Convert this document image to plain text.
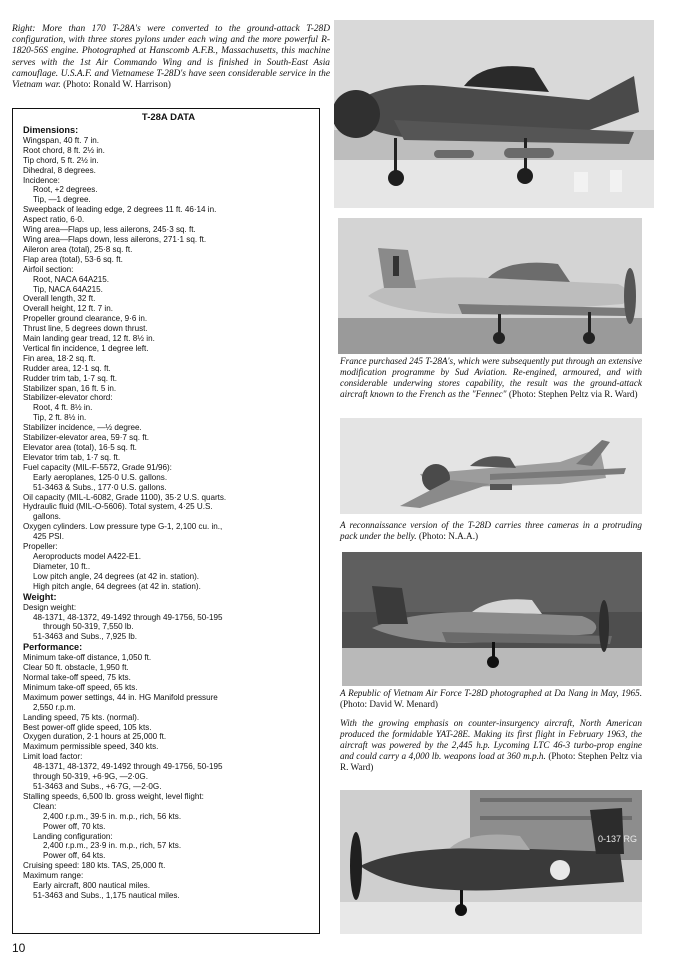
Right: More than 170 T-28A's were converted to the ground-attack T-28D configuration, with three stores pylons under each wing and the more powerful R-1820-56S engine. Photographed at Hanscomb A.F.B., Massachusetts, this machine serves with the 1st Air Commando Wing and is finished in South-East Asia camouflage. U.S.A.F. and Vietnamese T-28D's have seen considerable service in the Vietnam war. (Photo: Ronald W. Harrison)
T-28A DATA
Dimensions:
Wingspan, 40 ft. 7 in.
Root chord, 8 ft. 2½ in.
Tip chord, 5 ft. 2½ in.
Dihedral, 8 degrees.
Incidence:
Root, +2 degrees.
Tip, —1 degree.
Sweepback of leading edge, 2 degrees 11 ft. 46·14 in.
Aspect ratio, 6·0.
Wing area—Flaps up, less ailerons, 245·3 sq. ft.
Wing area—Flaps down, less ailerons, 271·1 sq. ft.
Aileron area (total), 25·8 sq. ft.
Flap area (total), 53·6 sq. ft.
Airfoil section:
Root, NACA 64A215.
Tip, NACA 64A215.
Overall length, 32 ft.
Overall height, 12 ft. 7 in.
Propeller ground clearance, 9·6 in.
Thrust line, 5 degrees down thrust.
Main landing gear tread, 12 ft. 8½ in.
Vertical fin incidence, 1 degree left.
Fin area, 18·2 sq. ft.
Rudder area, 12·1 sq. ft.
Rudder trim tab, 1·7 sq. ft.
Stabilizer span, 16 ft. 5 in.
Stabilizer-elevator chord:
Root, 4 ft. 8½ in.
Tip, 2 ft. 8½ in.
Stabilizer incidence, —½ degree.
Stabilizer-elevator area, 59·7 sq. ft.
Elevator area (total), 16·5 sq. ft.
Elevator trim tab, 1·7 sq. ft.
Fuel capacity (MIL-F-5572, Grade 91/96):
Early aeroplanes, 125·0 U.S. gallons.
51-3463 & Subs., 177·0 U.S. gallons.
Oil capacity (MIL-L-6082, Grade 1100), 35·2 U.S. quarts.
Hydraulic fluid (MIL-O-5606). Total system, 4·25 U.S.
gallons.
Oxygen cylinders. Low pressure type G-1, 2,100 cu. in.,
425 PSI.
Propeller:
Aeroproducts model A422-E1.
Diameter, 10 ft..
Low pitch angle, 24 degrees (at 42 in. station).
High pitch angle, 64 degrees (at 42 in. station).
Weight:
Design weight:
48-1371, 48-1372, 49-1492 through 49-1756, 50-195
through 50-319, 7,550 lb.
51-3463 and Subs., 7,925 lb.
Performance:
Minimum take-off distance, 1,050 ft.
Clear 50 ft. obstacle, 1,950 ft.
Normal take-off speed, 75 kts.
Minimum take-off speed, 65 kts.
Maximum power settings, 44 in. HG Manifold pressure
2,550 r.p.m.
Landing speed, 75 kts. (normal).
Best power-off glide speed, 105 kts.
Oxygen duration, 2·1 hours at 25,000 ft.
Maximum permissible speed, 340 kts.
Limit load factor:
48-1371, 48-1372, 49-1492 through 49-1756, 50-195
through 50-319, +6·9G, —2·0G.
51-3463 and Subs., +6·7G, —2·0G.
Stalling speeds, 6,500 lb. gross weight, level flight:
Clean:
2,400 r.p.m., 39·5 in. m.p., rich, 56 kts.
Power off, 70 kts.
Landing configuration:
2,400 r.p.m., 23·9 in. m.p., rich, 57 kts.
Power off, 64 kts.
Cruising speed: 180 kts. TAS, 25,000 ft.
Maximum range:
Early aircraft, 800 nautical miles.
51-3463 and Subs., 1,175 nautical miles.
France purchased 245 T-28A's, which were subsequently put through an extensive modification programme by Sud Aviation. Re-engined, armoured, and with considerable underwing stores capability, the result was the ground-attack aircraft known to the French as the "Fennec" (Photo: Stephen Peltz via R. Ward)
A reconnaissance version of the T-28D carries three cameras in a protruding pack under the belly. (Photo: N.A.A.)
A Republic of Vietnam Air Force T-28D photographed at Da Nang in May, 1965. (Photo: David W. Menard)
With the growing emphasis on counter-insurgency aircraft, North American produced the formidable YAT-28E. Making its first flight in February 1963, the aircraft was powered by the 2,445 h.p. Lycoming LTC 46-3 turbo-prop engine and could carry a 4,000 lb. weapons load at 360 m.p.h. (Photo: Stephen Peltz via R. Ward)
0-137 RG
10
